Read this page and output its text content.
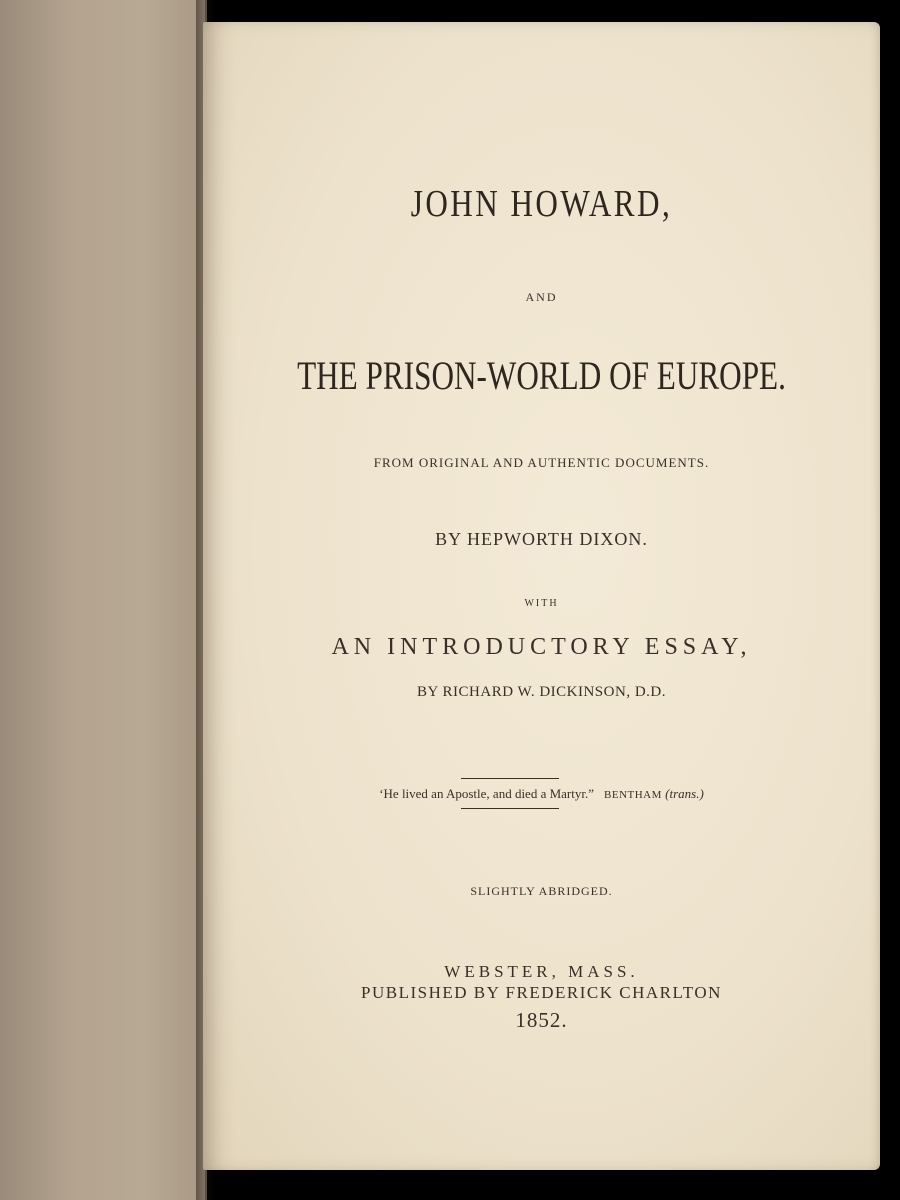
JOHN HOWARD,
AND
THE PRISON-WORLD OF EUROPE.
FROM ORIGINAL AND AUTHENTIC DOCUMENTS.
BY HEPWORTH DIXON.
WITH
AN INTRODUCTORY ESSAY,
BY RICHARD W. DICKINSON, D.D.
‘He lived an Apostle, and died a Martyr.” BENTHAM (trans.)
SLIGHTLY ABRIDGED.
WEBSTER, MASS.
PUBLISHED BY FREDERICK CHARLTON
1852.
